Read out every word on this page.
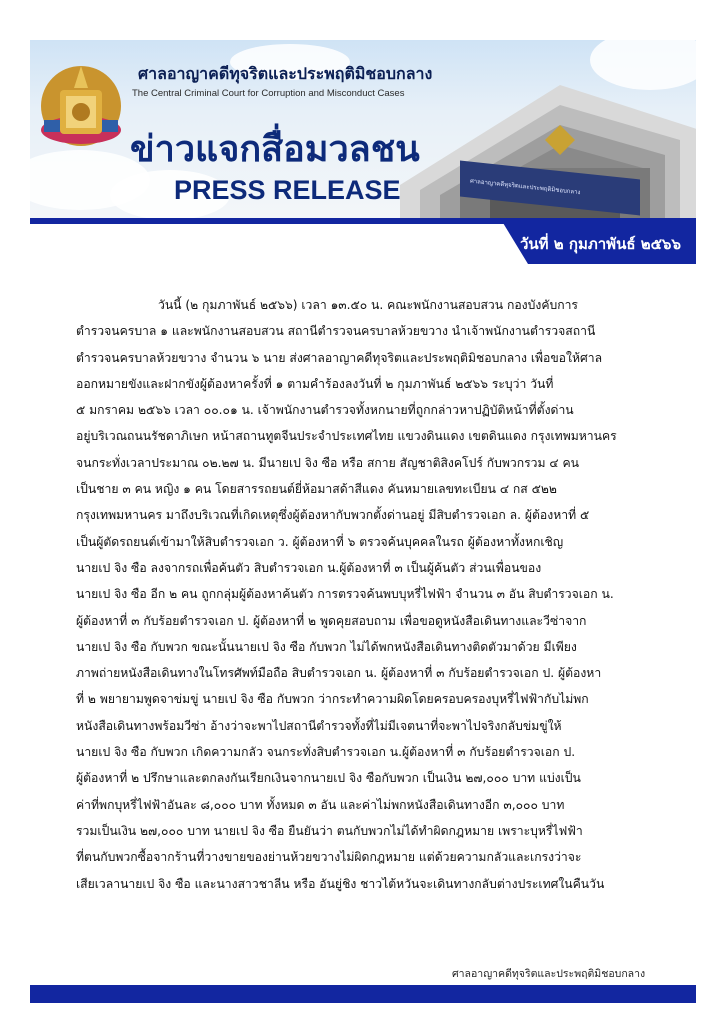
ศาลอาญาคดีทุจริตและประพฤติมิชอบกลาง
ศาลอาญาคดีทุจริตและประพฤติมิชอบกลาง
The Central Criminal Court for Corruption and Misconduct Cases
ข่าวแจกสื่อมวลชน
PRESS RELEASE
วันที่ ๒ กุมภาพันธ์ ๒๕๖๖

วันนี้ (๒ กุมภาพันธ์ ๒๕๖๖) เวลา ๑๓.๕๐ น. คณะพนักงานสอบสวน กองบังคับการ

ตำรวจนครบาล ๑ และพนักงานสอบสวน สถานีตำรวจนครบาลห้วยขวาง นำเจ้าพนักงานตำรวจสถานี

ตำรวจนครบาลห้วยขวาง จำนวน ๖ นาย ส่งศาลอาญาคดีทุจริตและประพฤติมิชอบกลาง เพื่อขอให้ศาล

ออกหมายขังและฝากขังผู้ต้องหาครั้งที่ ๑ ตามคำร้องลงวันที่ ๒ กุมภาพันธ์ ๒๕๖๖ ระบุว่า วันที่

๕ มกราคม ๒๕๖๖ เวลา ๐๐.๐๑ น. เจ้าพนักงานตำรวจทั้งหกนายที่ถูกกล่าวหาปฏิบัติหน้าที่ตั้งด่าน

อยู่บริเวณถนนรัชดาภิเษก หน้าสถานทูตจีนประจำประเทศไทย แขวงดินแดง เขตดินแดง กรุงเทพมหานคร

จนกระทั่งเวลาประมาณ ๐๒.๒๗ น. มีนายเป จิง ซือ หรือ สกาย สัญชาติสิงคโปร์ กับพวกรวม ๔ คน

เป็นชาย ๓ คน หญิง ๑ คน โดยสารรถยนต์ยี่ห้อมาสด้าสีแดง คันหมายเลขทะเบียน ๔ กส ๕๒๒

กรุงเทพมหานคร มาถึงบริเวณที่เกิดเหตุซึ่งผู้ต้องหากับพวกตั้งด่านอยู่ มีสิบตำรวจเอก ล. ผู้ต้องหาที่ ๕

เป็นผู้ตัดรถยนต์เข้ามาให้สิบตำรวจเอก ว. ผู้ต้องหาที่ ๖ ตรวจค้นบุคคลในรถ ผู้ต้องหาทั้งหกเชิญ

นายเป จิง ซือ ลงจากรถเพื่อค้นตัว สิบตำรวจเอก น.ผู้ต้องหาที่ ๓ เป็นผู้ค้นตัว ส่วนเพื่อนของ

นายเป จิง ซือ อีก ๒ คน ถูกกลุ่มผู้ต้องหาค้นตัว การตรวจค้นพบบุหรี่ไฟฟ้า จำนวน ๓ อัน สิบตำรวจเอก น.

ผู้ต้องหาที่ ๓ กับร้อยตำรวจเอก ป. ผู้ต้องหาที่ ๒ พูดคุยสอบถาม เพื่อขอดูหนังสือเดินทางและวีซ่าจาก

นายเป จิง ซือ กับพวก ขณะนั้นนายเป จิง ซือ กับพวก ไม่ได้พกหนังสือเดินทางติดตัวมาด้วย มีเพียง

ภาพถ่ายหนังสือเดินทางในโทรศัพท์มือถือ สิบตำรวจเอก น. ผู้ต้องหาที่ ๓ กับร้อยตำรวจเอก ป. ผู้ต้องหา

ที่ ๒ พยายามพูดจาข่มขู่ นายเป จิง ซือ กับพวก ว่ากระทำความผิดโดยครอบครองบุหรี่ไฟฟ้ากับไม่พก

หนังสือเดินทางพร้อมวีซ่า อ้างว่าจะพาไปสถานีตำรวจทั้งที่ไม่มีเจตนาที่จะพาไปจริงกลับข่มขู่ให้

นายเป จิง ซือ กับพวก เกิดความกลัว จนกระทั่งสิบตำรวจเอก น.ผู้ต้องหาที่ ๓ กับร้อยตำรวจเอก ป.

ผู้ต้องหาที่ ๒ ปรึกษาและตกลงกันเรียกเงินจากนายเป จิง ซือกับพวก เป็นเงิน ๒๗,๐๐๐ บาท แบ่งเป็น

ค่าที่พกบุหรี่ไฟฟ้าอันละ ๘,๐๐๐ บาท ทั้งหมด ๓ อัน และค่าไม่พกหนังสือเดินทางอีก ๓,๐๐๐ บาท

รวมเป็นเงิน ๒๗,๐๐๐ บาท นายเป จิง ซือ ยืนยันว่า ตนกับพวกไม่ได้ทำผิดกฎหมาย เพราะบุหรี่ไฟฟ้า

ที่ตนกับพวกซื้อจากร้านที่วางขายของย่านห้วยขวางไม่ผิดกฎหมาย แต่ด้วยความกลัวและเกรงว่าจะ

เสียเวลานายเป จิง ซือ และนางสาวชาลีน หรือ อันยู่ชิง ชาวไต้หวันจะเดินทางกลับต่างประเทศในคืนวัน

ศาลอาญาคดีทุจริตและประพฤติมิชอบกลาง
